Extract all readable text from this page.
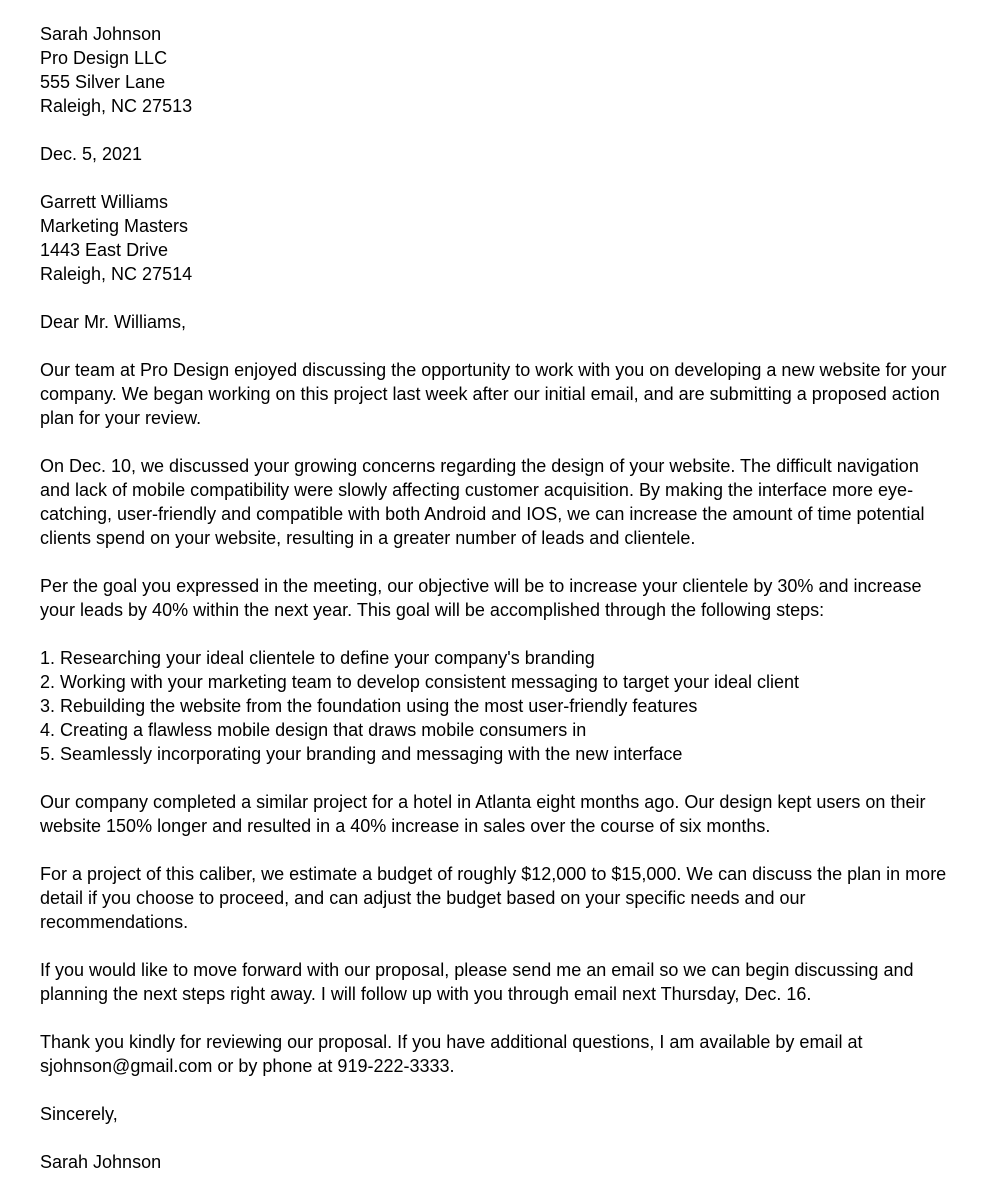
Sarah Johnson
Pro Design LLC
555 Silver Lane
Raleigh, NC 27513
Dec. 5, 2021
Garrett Williams
Marketing Masters
1443 East Drive
Raleigh, NC 27514
Dear Mr. Williams,

Our team at Pro Design enjoyed discussing the opportunity to work with you on developing a new website for your company. We began working on this project last week after our initial email, and are submitting a proposed action plan for your review.

On Dec. 10, we discussed your growing concerns regarding the design of your website. The difficult navigation and lack of mobile compatibility were slowly affecting customer acquisition. By making the interface more eye-catching, user-friendly and compatible with both Android and IOS, we can increase the amount of time potential clients spend on your website, resulting in a greater number of leads and clientele.

Per the goal you expressed in the meeting, our objective will be to increase your clientele by 30% and increase your leads by 40% within the next year. This goal will be accomplished through the following steps:

1. Researching your ideal clientele to define your company's branding
2. Working with your marketing team to develop consistent messaging to target your ideal client
3. Rebuilding the website from the foundation using the most user-friendly features
4. Creating a flawless mobile design that draws mobile consumers in
5. Seamlessly incorporating your branding and messaging with the new interface

Our company completed a similar project for a hotel in Atlanta eight months ago. Our design kept users on their website 150% longer and resulted in a 40% increase in sales over the course of six months.

For a project of this caliber, we estimate a budget of roughly $12,000 to $15,000. We can discuss the plan in more detail if you choose to proceed, and can adjust the budget based on your specific needs and our recommendations.

If you would like to move forward with our proposal, please send me an email so we can begin discussing and planning the next steps right away. I will follow up with you through email next Thursday, Dec. 16.

Thank you kindly for reviewing our proposal. If you have additional questions, I am available by email at sjohnson@gmail.com or by phone at 919-222-3333.

Sincerely,
Sarah Johnson
